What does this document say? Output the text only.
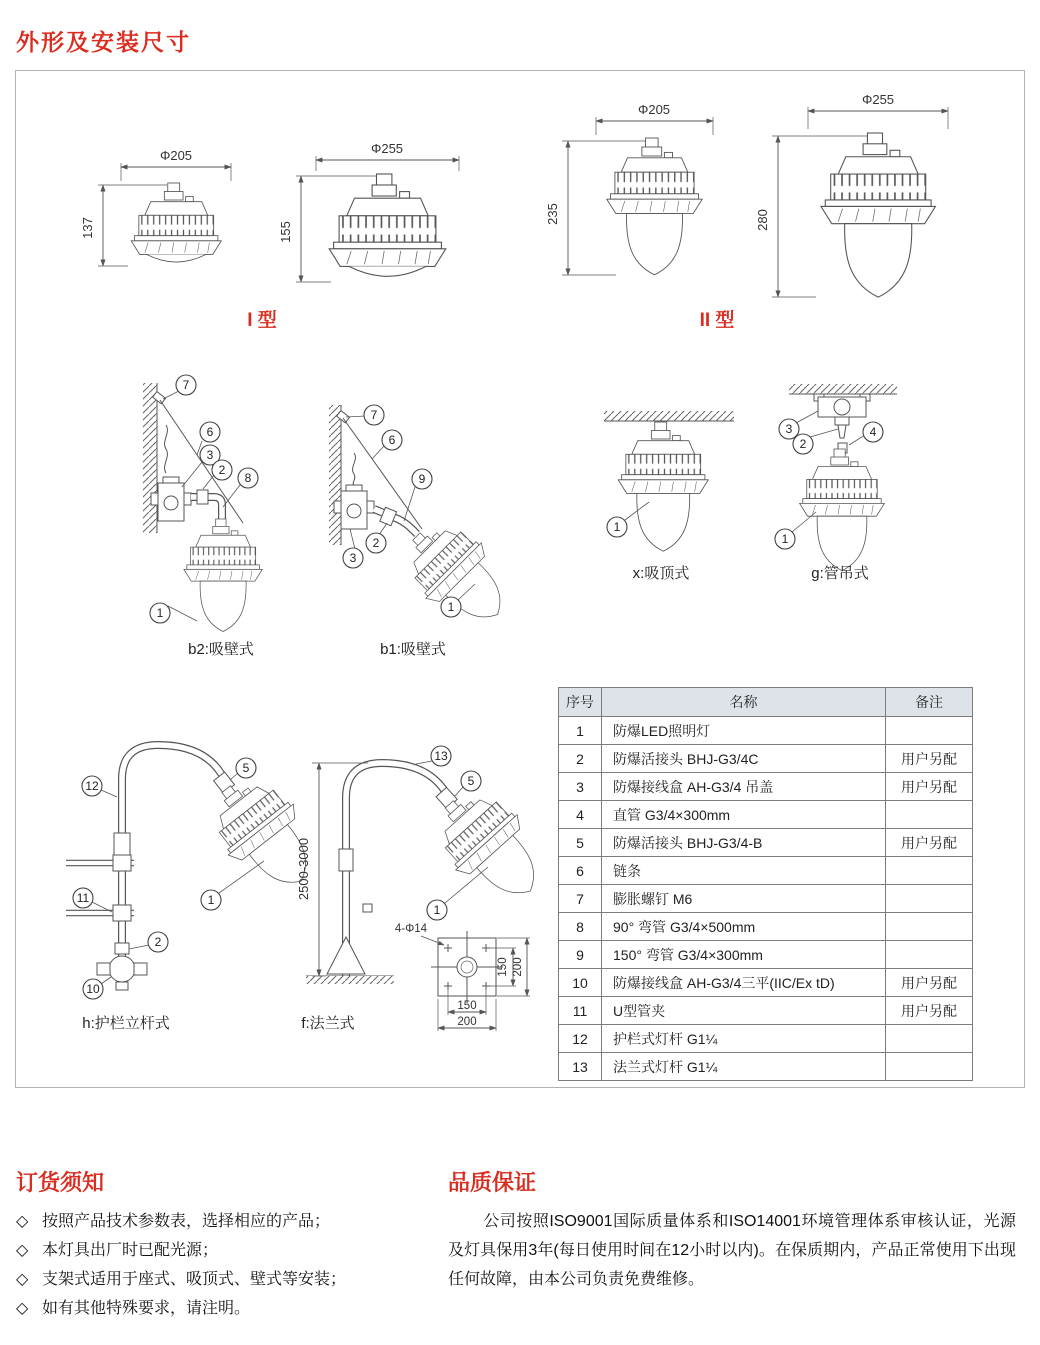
外形及安装尺寸
Φ205
137
Φ255
155
I 型
Φ205
235
Φ255
280
II 型
7
6
3
2
8
1
b2:吸壁式
7
6
9
2
3
1
b1:吸壁式
1
x:吸顶式
3
2
4
1
g:管吊式
12
5
1
11
2
10
h:护栏立杆式
2500-3000
13
5
1
f:法兰式
4-Φ14
150 200
150
200
序号	名称	备注
1	防爆LED照明灯	
2	防爆活接头 BHJ-G3/4C	用户另配
3	防爆接线盒 AH-G3/4 吊盖	用户另配
4	直管 G3/4×300mm	
5	防爆活接头 BHJ-G3/4-B	用户另配
6	链条	
7	膨胀螺钉 M6	
8	90° 弯管 G3/4×500mm	
9	150° 弯管 G3/4×300mm	
10	防爆接线盒 AH-G3/4三平(IIC/Ex tD)	用户另配
11	U型管夹	用户另配
12	护栏式灯杆 G1¼	
13	法兰式灯杆 G1¼	
订货须知
◇ 按照产品技术参数表，选择相应的产品；
◇ 本灯具出厂时已配光源；
◇ 支架式适用于座式、吸顶式、壁式等安装；
◇ 如有其他特殊要求，请注明。
品质保证
公司按照ISO9001国际质量体系和ISO14001环境管理体系审核认证，光源及灯具保用3年(每日使用时间在12小时以内)。在保质期内，产品正常使用下出现任何故障，由本公司负责免费维修。
